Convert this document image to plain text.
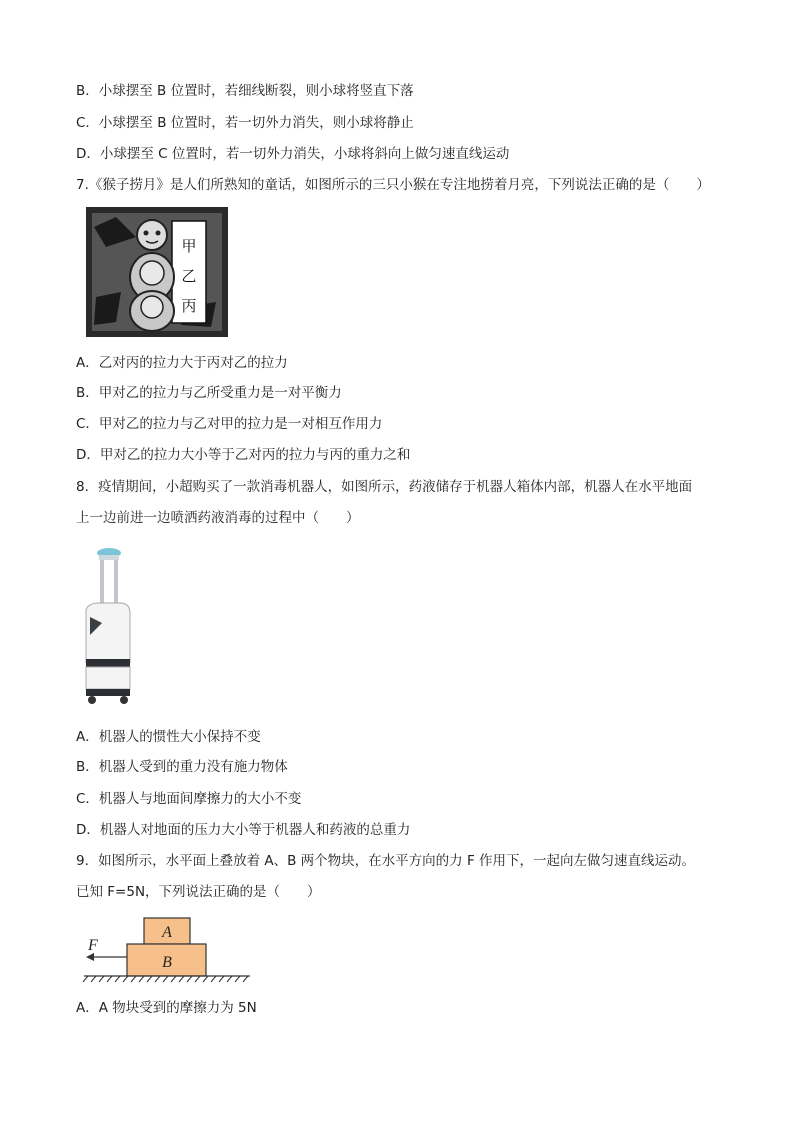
B．小球摆至 B 位置时，若细线断裂，则小球将竖直下落
C．小球摆至 B 位置时，若一切外力消失，则小球将静止
D．小球摆至 C 位置时，若一切外力消失，小球将斜向上做匀速直线运动
7.《猴子捞月》是人们所熟知的童话，如图所示的三只小猴在专注地捞着月亮，下列说法正确的是（　　）
甲
乙
丙
A．乙对丙的拉力大于丙对乙的拉力
B．甲对乙的拉力与乙所受重力是一对平衡力
C．甲对乙的拉力与乙对甲的拉力是一对相互作用力
D．甲对乙的拉力大小等于乙对丙的拉力与丙的重力之和
8．疫情期间，小超购买了一款消毒机器人，如图所示，药液储存于机器人箱体内部，机器人在水平地面
上一边前进一边喷洒药液消毒的过程中（　　）
A．机器人的惯性大小保持不变
B．机器人受到的重力没有施力物体
C．机器人与地面间摩擦力的大小不变
D．机器人对地面的压力大小等于机器人和药液的总重力
9．如图所示，水平面上叠放着 A、B 两个物块，在水平方向的力 F 作用下，一起向左做匀速直线运动。
已知 F=5N，下列说法正确的是（　　）
F
A
B
A．A 物块受到的摩擦力为 5N
